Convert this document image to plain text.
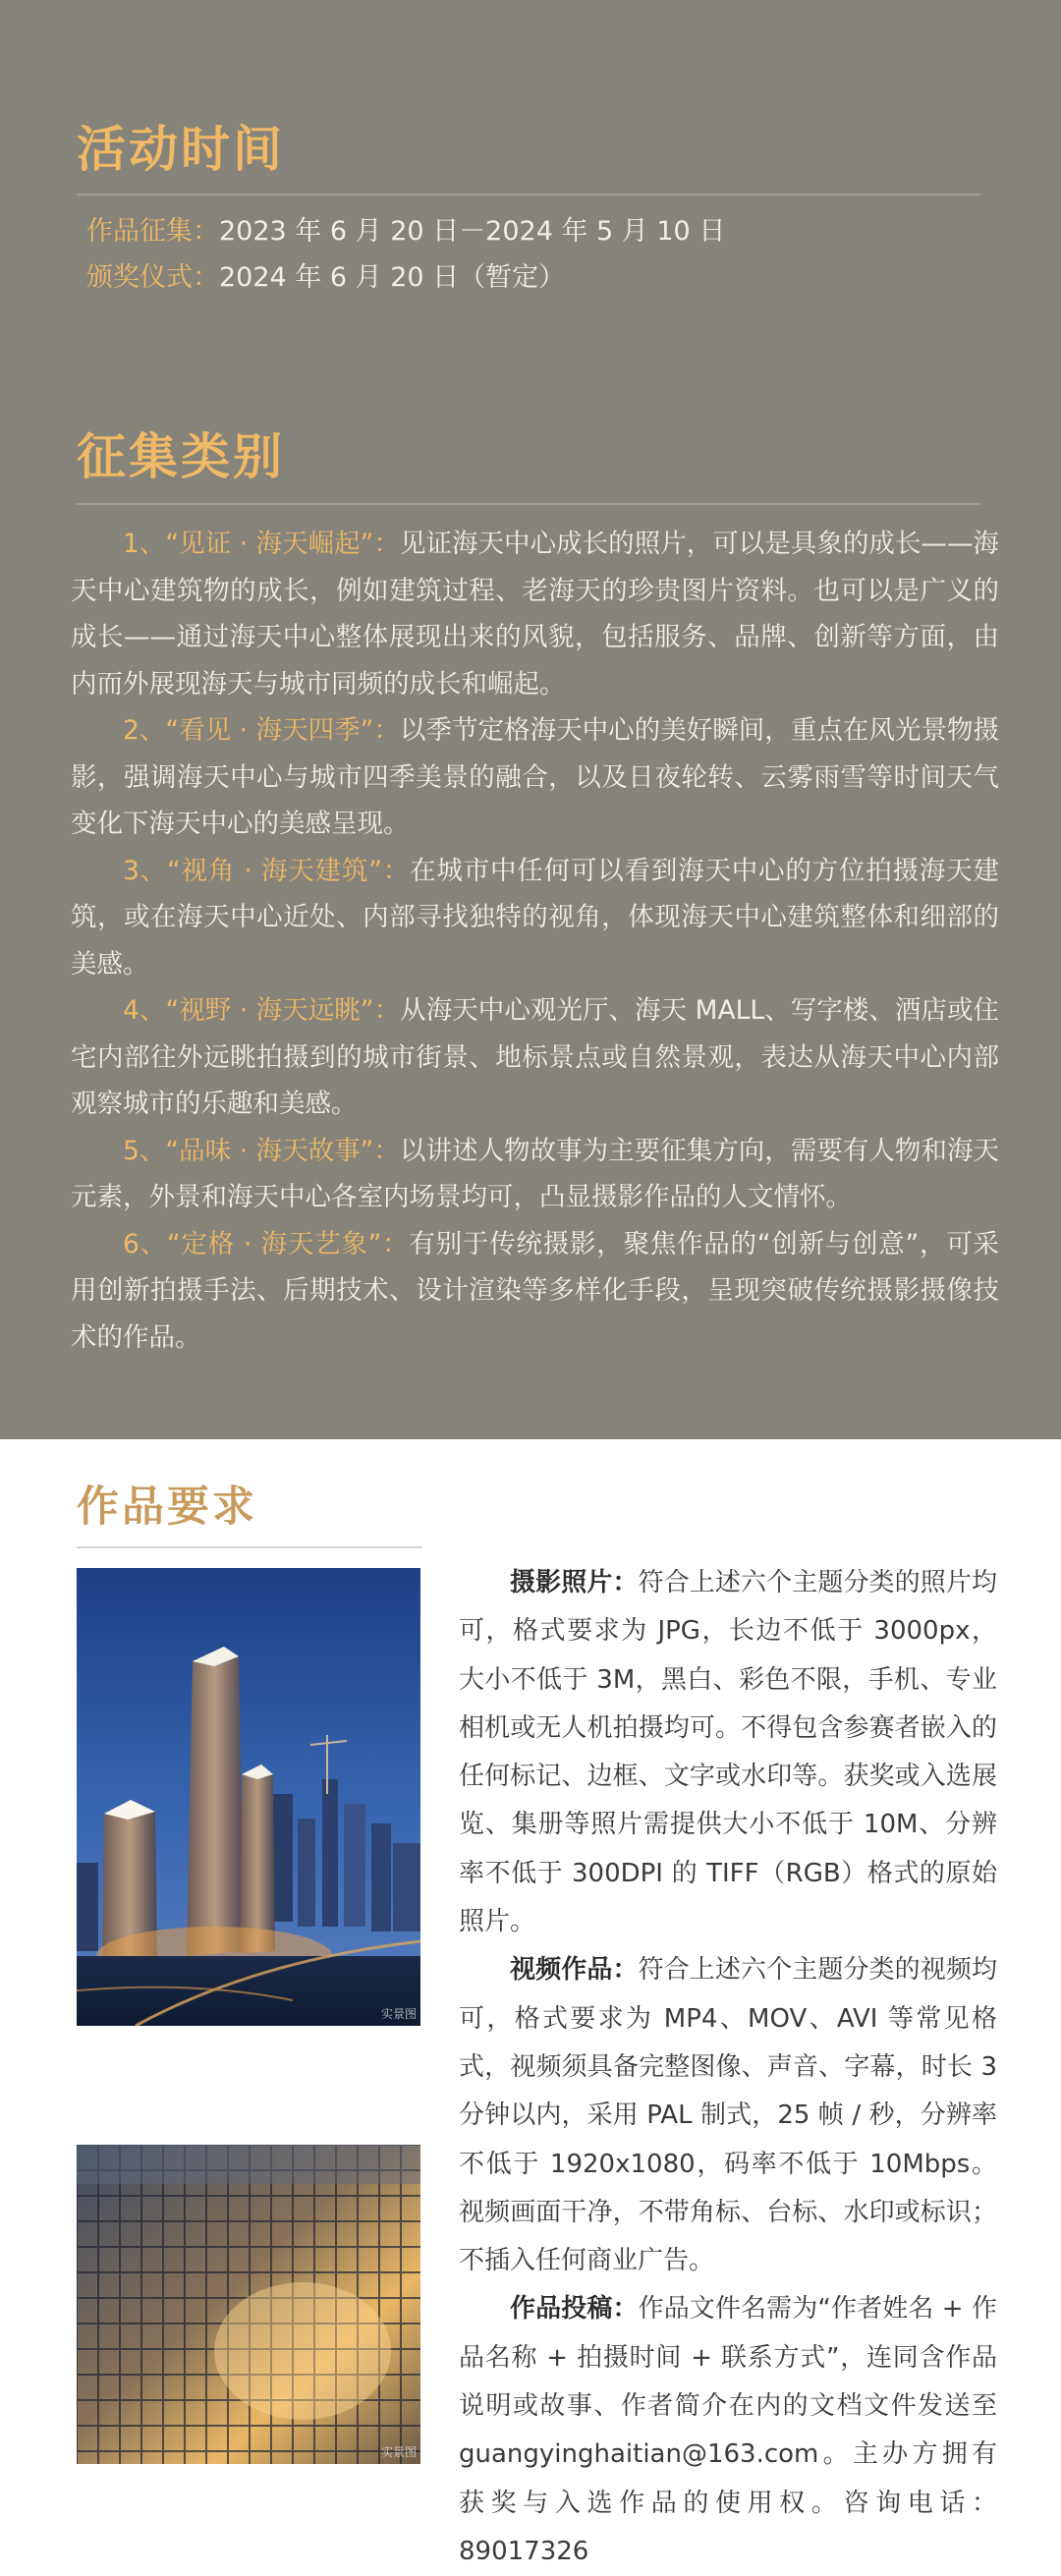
活动时间
作品征集：2023 年 6 月 20 日－2024 年 5 月 10 日
颁奖仪式：2024 年 6 月 20 日（暂定）
征集类别

1、“见证 · 海天崛起”：见证海天中心成长的照片，可以是具象的成长——海天中心建筑物的成长，例如建筑过程、老海天的珍贵图片资料。也可以是广义的成长——通过海天中心整体展现出来的风貌，包括服务、品牌、创新等方面，由内而外展现海天与城市同频的成长和崛起。

2、“看见 · 海天四季”：以季节定格海天中心的美好瞬间，重点在风光景物摄影，强调海天中心与城市四季美景的融合，以及日夜轮转、云雾雨雪等时间天气变化下海天中心的美感呈现。

3、“视角 · 海天建筑”：在城市中任何可以看到海天中心的方位拍摄海天建筑，或在海天中心近处、内部寻找独特的视角，体现海天中心建筑整体和细部的美感。

4、“视野 · 海天远眺”：从海天中心观光厅、海天 MALL、写字楼、酒店或住宅内部往外远眺拍摄到的城市街景、地标景点或自然景观，表达从海天中心内部观察城市的乐趣和美感。

5、“品味 · 海天故事”：以讲述人物故事为主要征集方向，需要有人物和海天元素，外景和海天中心各室内场景均可，凸显摄影作品的人文情怀。

6、“定格 · 海天艺象”：有别于传统摄影，聚焦作品的“创新与创意”，可采用创新拍摄手法、后期技术、设计渲染等多样化手段，呈现突破传统摄影摄像技术的作品。

作品要求
实景图
实景图

摄影照片：符合上述六个主题分类的照片均可，格式要求为 JPG，长边不低于 3000px，大小不低于 3M，黑白、彩色不限，手机、专业相机或无人机拍摄均可。不得包含参赛者嵌入的任何标记、边框、文字或水印等。获奖或入选展览、集册等照片需提供大小不低于 10M、分辨率不低于 300DPI 的 TIFF（RGB）格式的原始照片。

视频作品：符合上述六个主题分类的视频均可，格式要求为 MP4、MOV、AVI 等常见格式，视频须具备完整图像、声音、字幕，时长 3 分钟以内，采用 PAL 制式，25 帧 / 秒，分辨率不低于 1920x1080，码率不低于 10Mbps。视频画面干净，不带角标、台标、水印或标识；不插入任何商业广告。

作品投稿：作品文件名需为“作者姓名 + 作品名称 + 拍摄时间 + 联系方式”，连同含作品说明或故事、作者简介在内的文档文件发送至 guangyinghaitian@163.com。主办方拥有获奖与入选作品的使用权。咨询电话：89017326
